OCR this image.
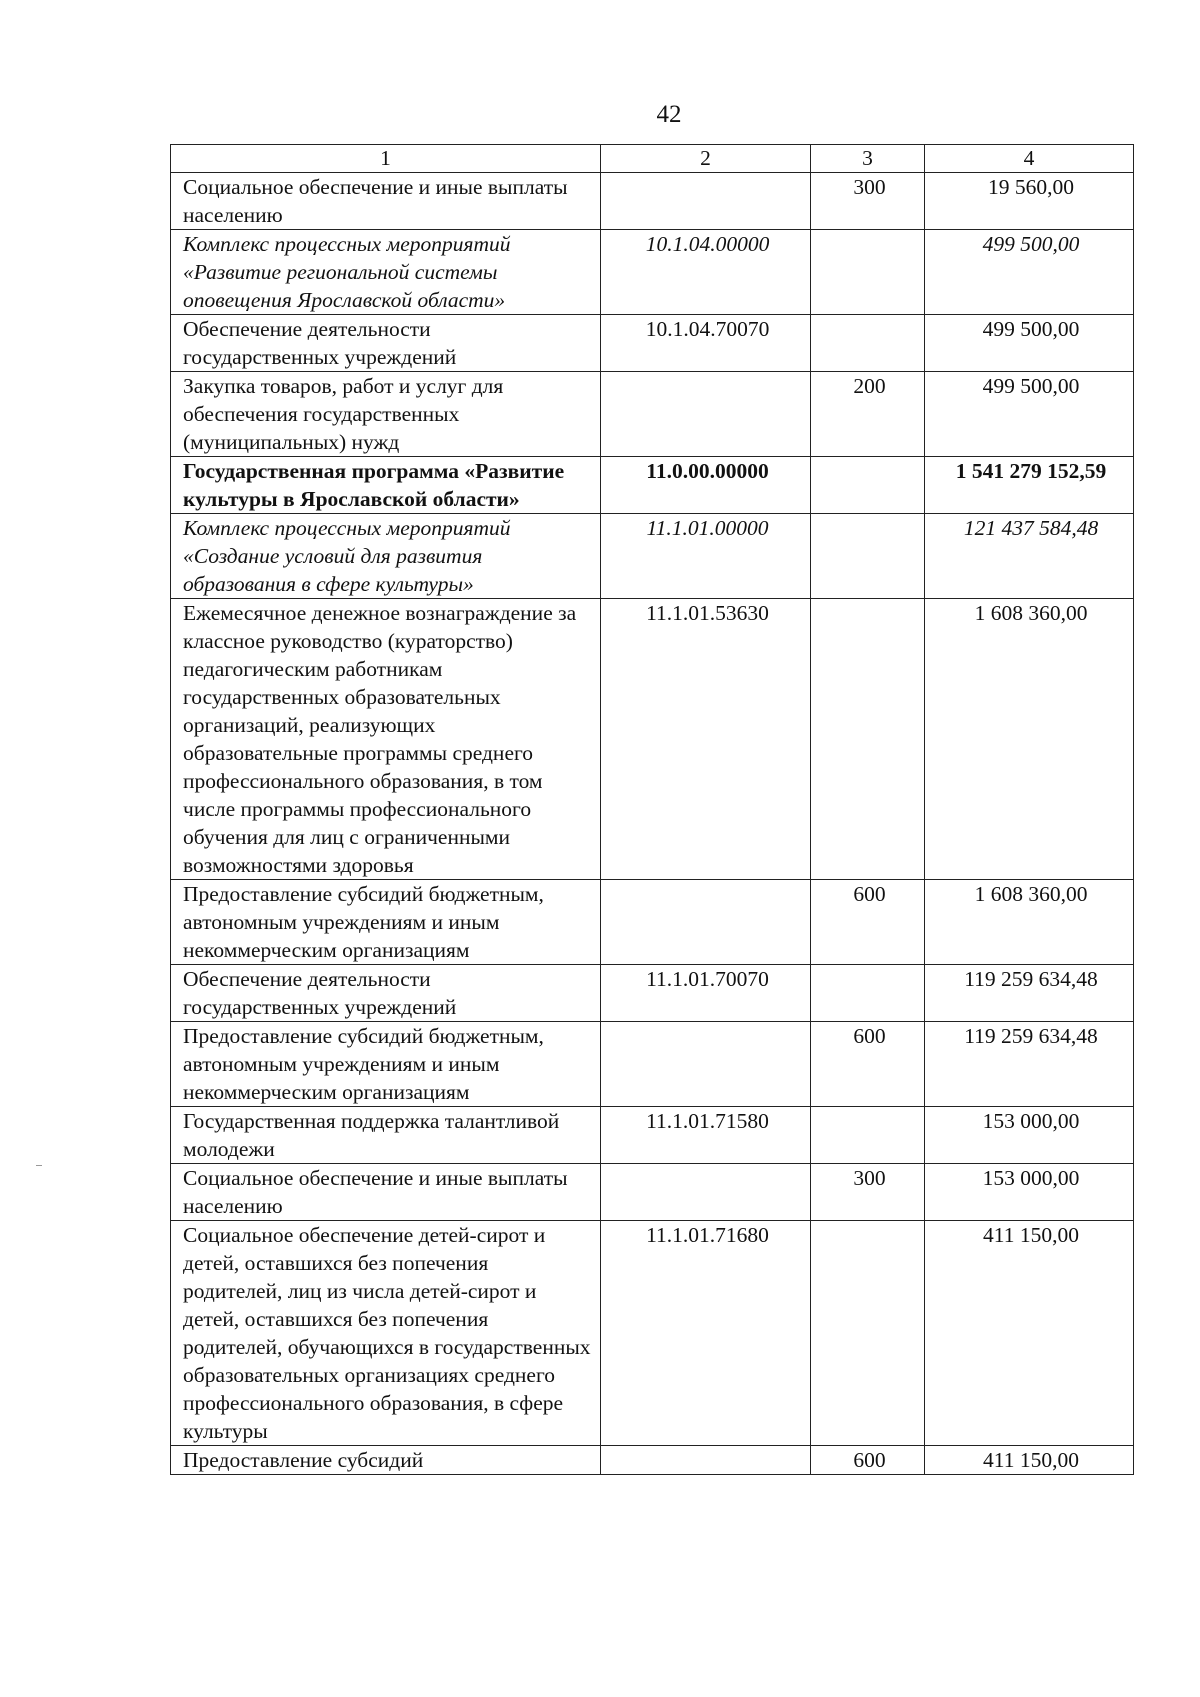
42
1	2	3	4
Социальное обеспечение и иные выплаты населению		300	19 560,00
Комплекс процессных мероприятий «Развитие региональной системы оповещения Ярославской области»	10.1.04.00000		499 500,00
Обеспечение деятельности государственных учреждений	10.1.04.70070		499 500,00
Закупка товаров, работ и услуг для обеспечения государственных (муниципальных) нужд		200	499 500,00
Государственная программа «Развитие культуры в Ярославской области»	11.0.00.00000		1 541 279 152,59
Комплекс процессных мероприятий «Создание условий для развития образования в сфере культуры»	11.1.01.00000		121 437 584,48
Ежемесячное денежное вознаграждение за классное руководство (кураторство) педагогическим работникам государственных образовательных организаций, реализующих образовательные программы среднего профессионального образования, в том числе программы профессионального обучения для лиц с ограниченными возможностями здоровья	11.1.01.53630		1 608 360,00
Предоставление субсидий бюджетным, автономным учреждениям и иным некоммерческим организациям		600	1 608 360,00
Обеспечение деятельности государственных учреждений	11.1.01.70070		119 259 634,48
Предоставление субсидий бюджетным, автономным учреждениям и иным некоммерческим организациям		600	119 259 634,48
Государственная поддержка талантливой молодежи	11.1.01.71580		153 000,00
Социальное обеспечение и иные выплаты населению		300	153 000,00
Социальное обеспечение детей-сирот и детей, оставшихся без попечения родителей, лиц из числа детей-сирот и детей, оставшихся без попечения родителей, обучающихся в государственных образовательных организациях среднего профессионального образования, в сфере культуры	11.1.01.71680		411 150,00
Предоставление субсидий		600	411 150,00
